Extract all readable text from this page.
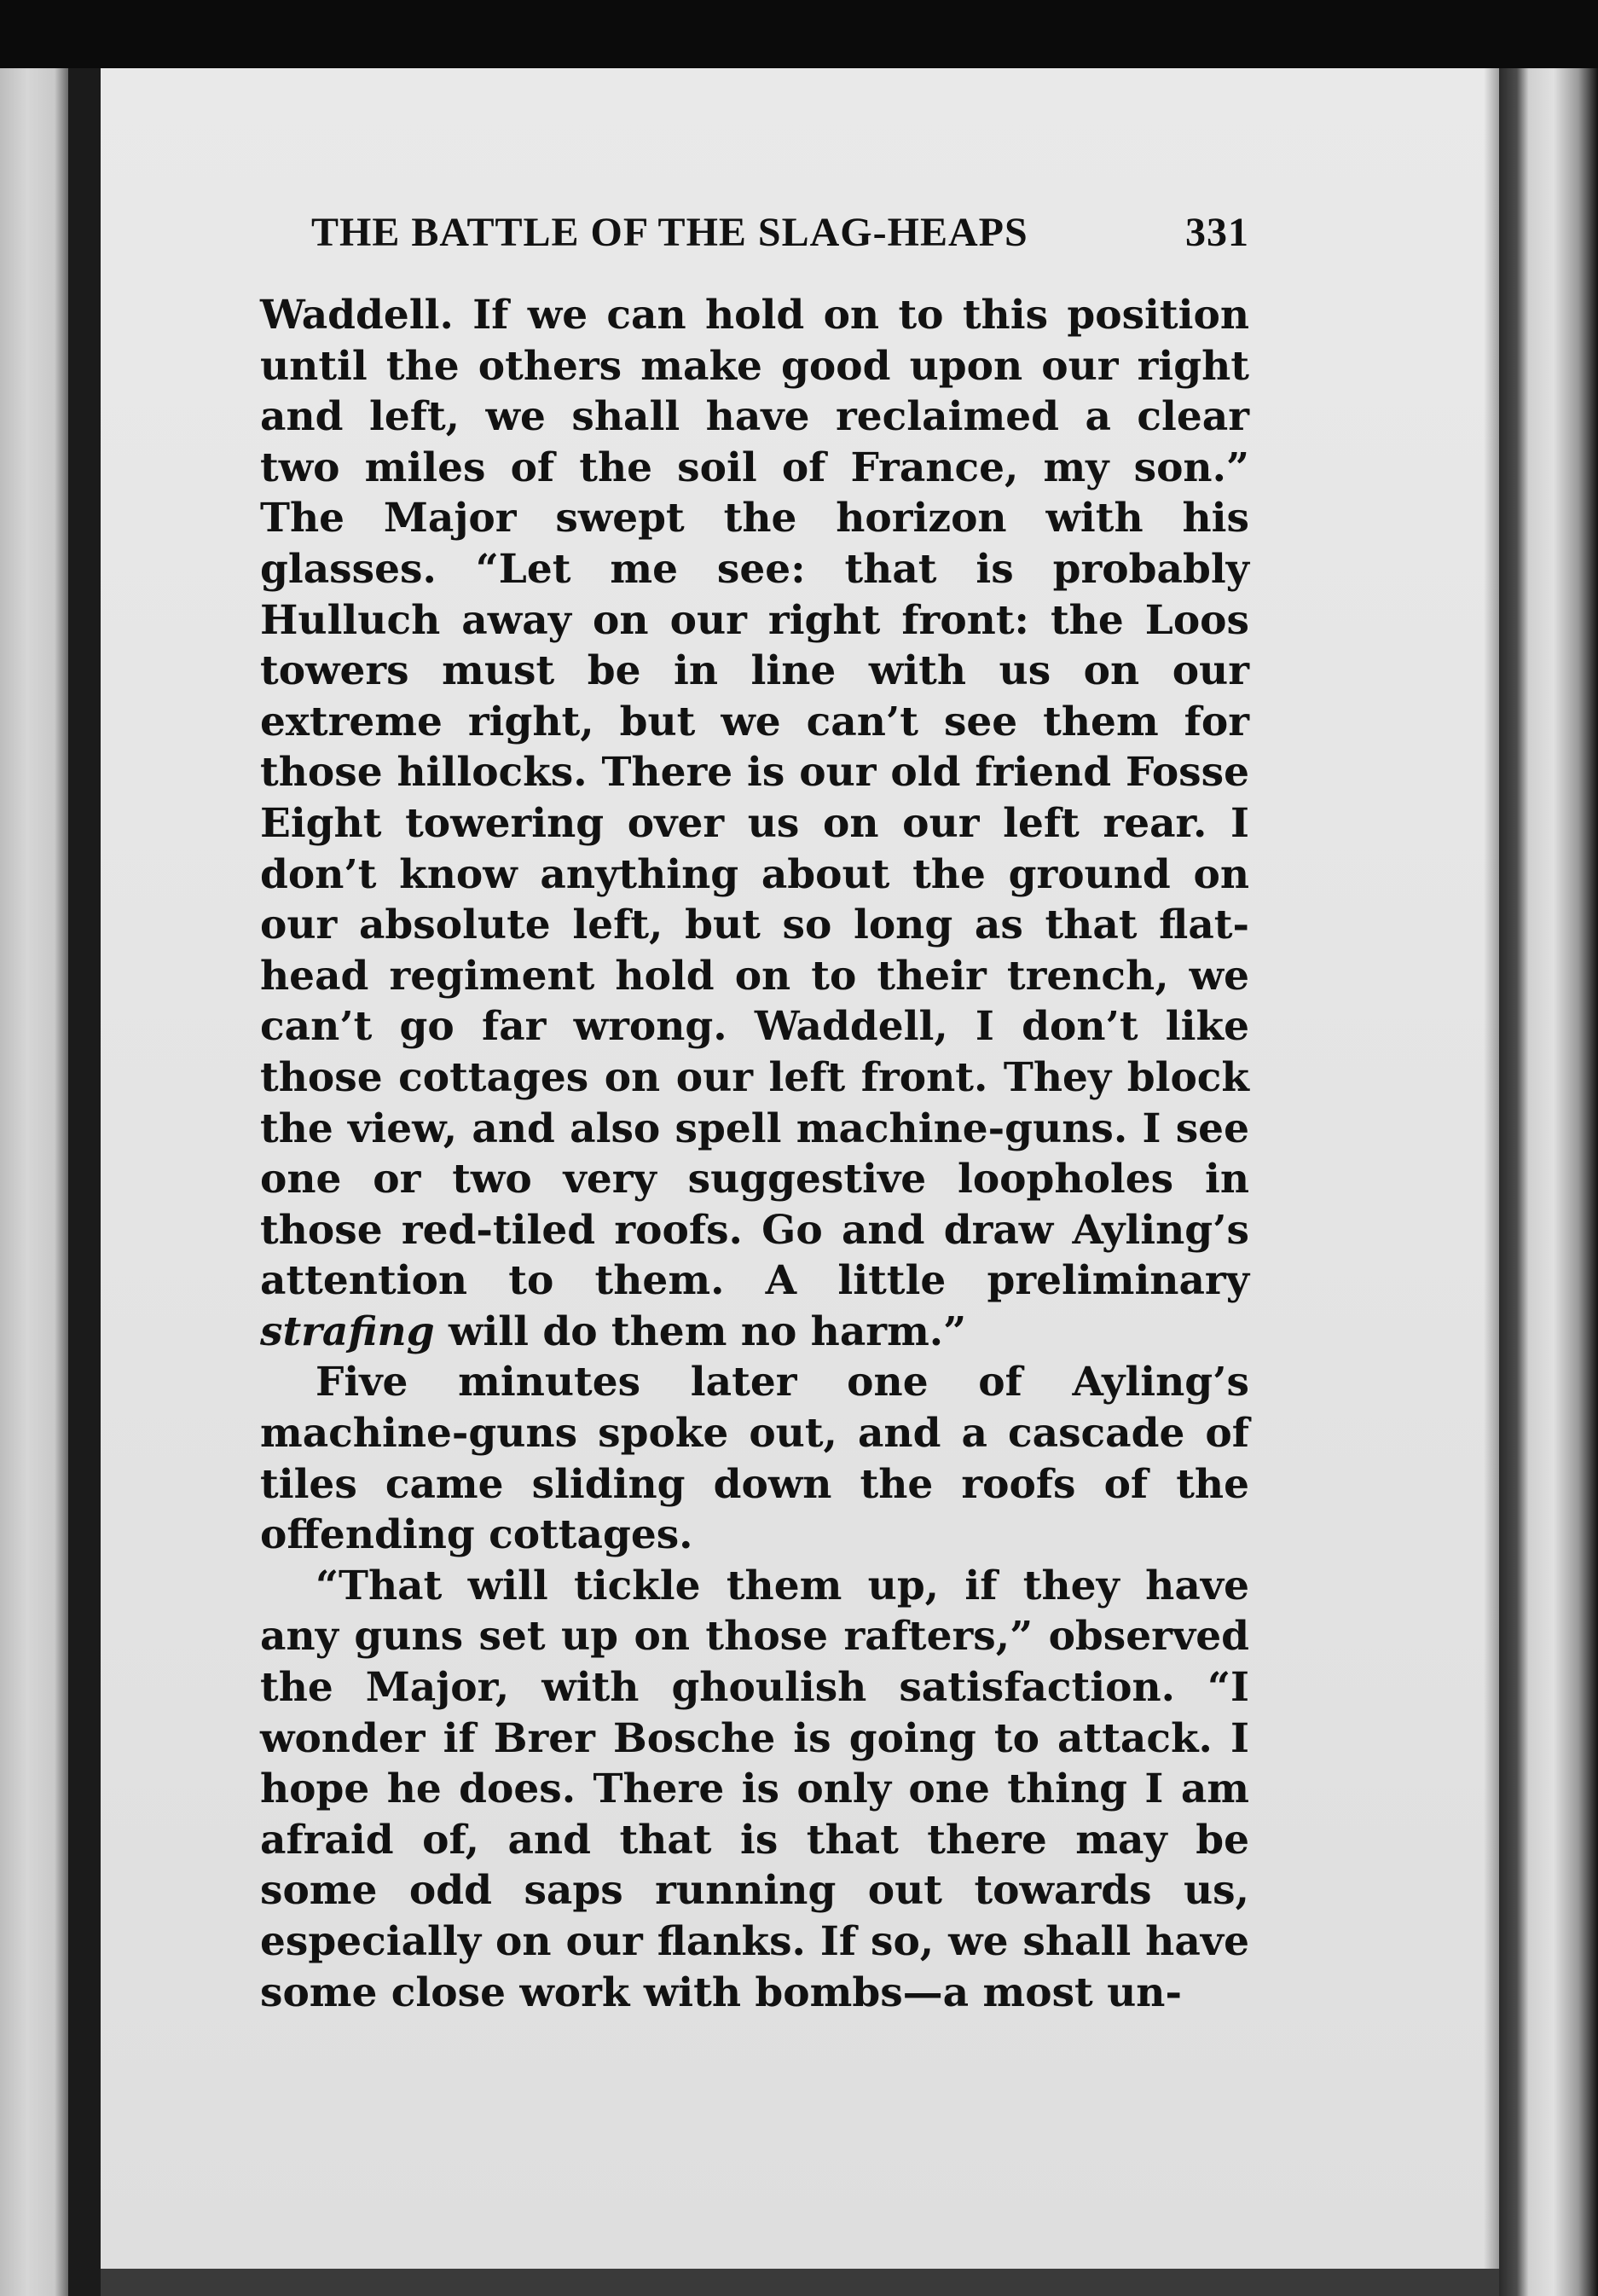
THE BATTLE OF THE SLAG-HEAPS	331

Waddell. If we can hold on to this position until the others make good upon our right and left, we shall have reclaimed a clear two miles of the soil of France, my son.” The Major swept the horizon with his glasses. “Let me see: that is probably Hulluch away on our right front: the Loos towers must be in line with us on our extreme right, but we can’t see them for those hillocks. There is our old friend Fosse Eight towering over us on our left rear. I don’t know anything about the ground on our absolute left, but so long as that flat-head regiment hold on to their trench, we can’t go far wrong. Waddell, I don’t like those cottages on our left front. They block the view, and also spell machine-guns. I see one or two very suggestive loopholes in those red-tiled roofs. Go and draw Ayling’s attention to them. A little preliminary strafing will do them no harm.”

Five minutes later one of Ayling’s machine-guns spoke out, and a cascade of tiles came sliding down the roofs of the offending cottages.

“That will tickle them up, if they have any guns set up on those rafters,” observed the Major, with ghoulish satisfaction. “I wonder if Brer Bosche is going to attack. I hope he does. There is only one thing I am afraid of, and that is that there may be some odd saps running out towards us, especially on our flanks. If so, we shall have some close work with bombs—a most un-
